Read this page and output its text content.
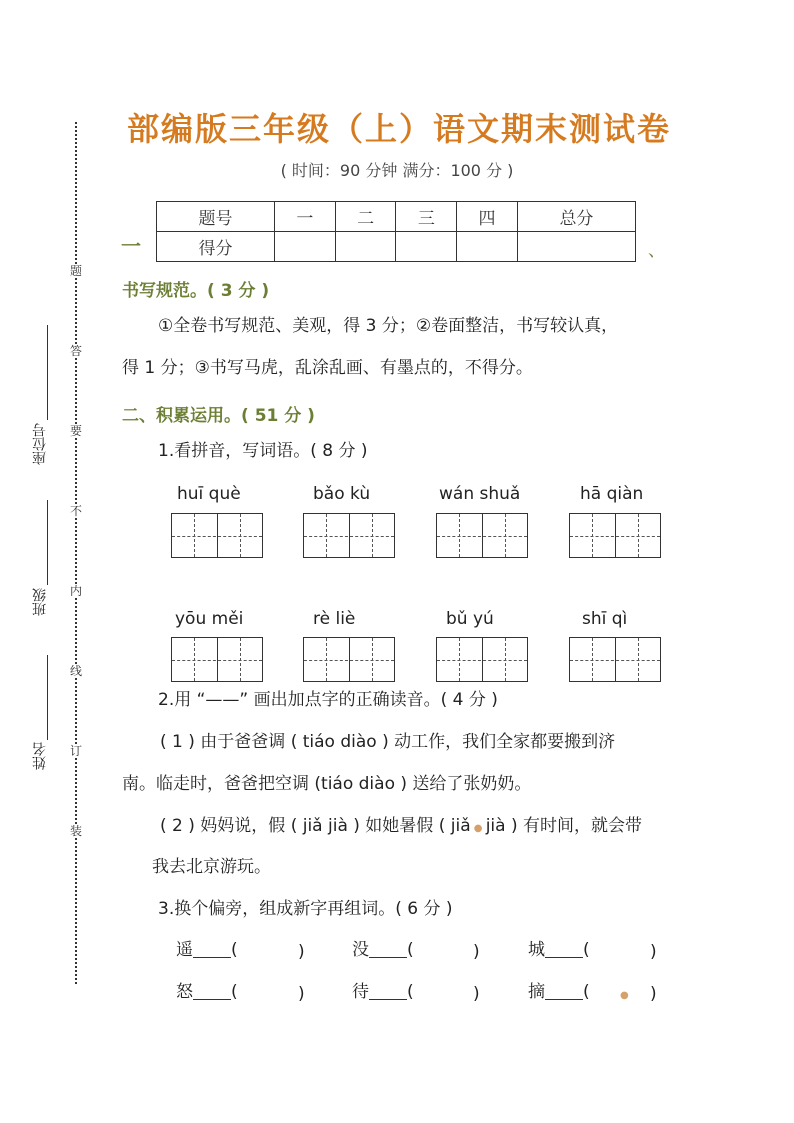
题
答
要
不
内
线
订
装
座位号
班级
姓名
部编版三年级（上）语文期末测试卷
( 时间：90 分钟 满分：100 分 )
一
题号	一	二	三	四	总分
得分						、
书写规范。( 3 分 )
①全卷书写规范、美观，得 3 分；②卷面整洁，书写较认真，
得 1 分；③书写马虎，乱涂乱画、有墨点的，不得分。
二、积累运用。( 51 分 )
1.看拼音，写词语。( 8 分 )
huī què	bǎo kù	wán shuǎ	hā qiàn
yōu měi	rè liè	bǔ yú	shī qì
2.用 “——” 画出加点字的正确读音。( 4 分 )
( 1 ) 由于爸爸调 ( tiáo diào ) 动工作，我们全家都要搬到济
南。临走时，爸爸把空调 (tiáo diào ) 送给了张奶奶。
( 2 ) 妈妈说，假 ( jiǎ jià ) 如她暑假 ( jiǎ ● jià ) 有时间，就会带
我去北京游玩。
3.换个偏旁，组成新字再组词。( 6 分 )
遥 (	)	没 (	)	城 (	)
怒 (	)	待 (	)	摘 (	● )
